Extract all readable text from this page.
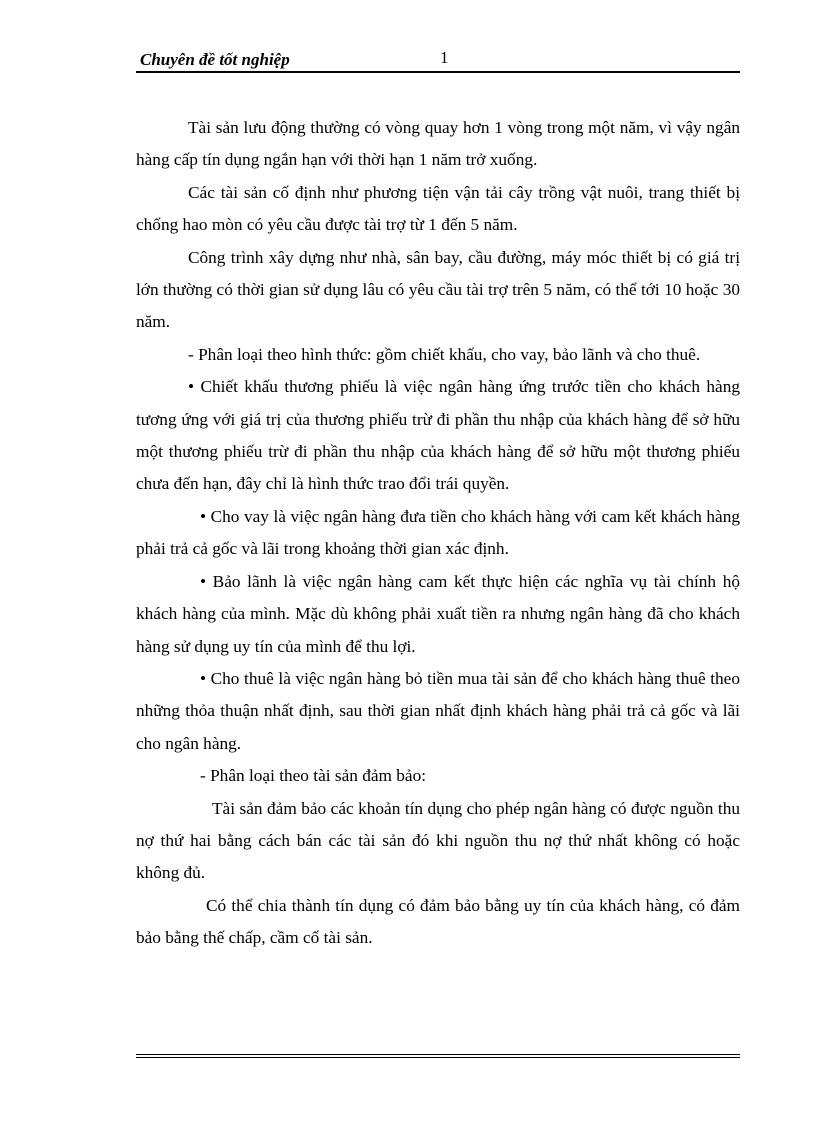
Chuyên đề tốt nghiệp	1

Tài sản lưu động thường có vòng quay hơn 1 vòng trong một năm, vì vậy ngân hàng cấp tín dụng ngắn hạn với thời hạn 1 năm trở xuống.

Các tài sản cố định như phương tiện vận tải cây trồng vật nuôi, trang thiết bị chống hao mòn có yêu cầu được tài trợ từ 1 đến 5 năm.

Công trình xây dựng như nhà, sân bay, cầu đường, máy móc thiết bị có giá trị lớn thường có thời gian sử dụng lâu có yêu cầu tài trợ trên 5 năm, có thể tới 10 hoặc 30 năm.

- Phân loại theo hình thức: gồm chiết khấu, cho vay, bảo lãnh và cho thuê.

• Chiết khấu thương phiếu là việc ngân hàng ứng trước tiền cho khách hàng tương ứng với giá trị của thương phiếu trừ đi phần thu nhập của khách hàng để sở hữu một thương phiếu trừ đi phần thu nhập của khách hàng để sở hữu một thương phiếu chưa đến hạn, đây chỉ là hình thức trao đổi trái quyền.

• Cho vay là việc ngân hàng đưa tiền cho khách hàng với cam kết khách hàng phải trả cả gốc và lãi trong khoảng thời gian xác định.

• Bảo lãnh là việc ngân hàng cam kết thực hiện các nghĩa vụ tài chính hộ khách hàng của mình. Mặc dù không phải xuất tiền ra nhưng ngân hàng đã cho khách hàng sử dụng uy tín của mình để thu lợi.

• Cho thuê là việc ngân hàng bỏ tiền mua tài sản để cho khách hàng thuê theo những thỏa thuận nhất định, sau thời gian nhất định khách hàng phải trả cả gốc và lãi cho ngân hàng.

- Phân loại theo tài sản đảm bảo:

Tài sản đảm bảo các khoản tín dụng cho phép ngân hàng có được nguồn thu nợ thứ hai bằng cách bán các tài sản đó khi nguồn thu nợ thứ nhất không có hoặc không đủ.

Có thể chia thành tín dụng có đảm bảo bằng uy tín của khách hàng, có đảm bảo bằng thế chấp, cầm cố tài sản.
